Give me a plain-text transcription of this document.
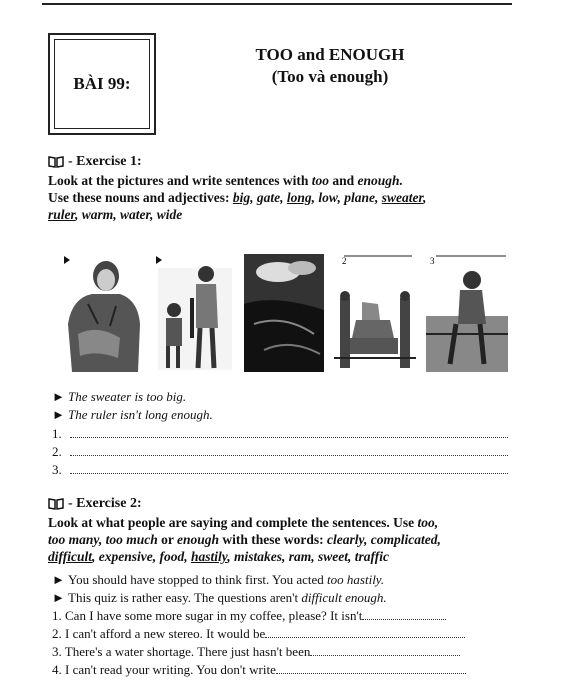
BÀI 99:
TOO and ENOUGH
(Too và enough)
- Exercise 1:
Look at the pictures and write sentences with too and enough.
Use these nouns and adjectives: big, gate, long, low, plane, sweater,
ruler, warm, water, wide
2	3
► The sweater is too big.
► The ruler isn't long enough.
1.
2.
3.
- Exercise 2:
Look at what people are saying and complete the sentences. Use too,
too many, too much or enough with these words: clearly, complicated,
difficult, expensive, food, hastily, mistakes, ram, sweet, traffic
► You should have stopped to think first. You acted too hastily.
► This quiz is rather easy. The questions aren't difficult enough.
1. Can I have some more sugar in my coffee, please? It isn't
2. I can't afford a new stereo. It would be
3. There's a water shortage. There just hasn't been
4. I can't read your writing. You don't write
